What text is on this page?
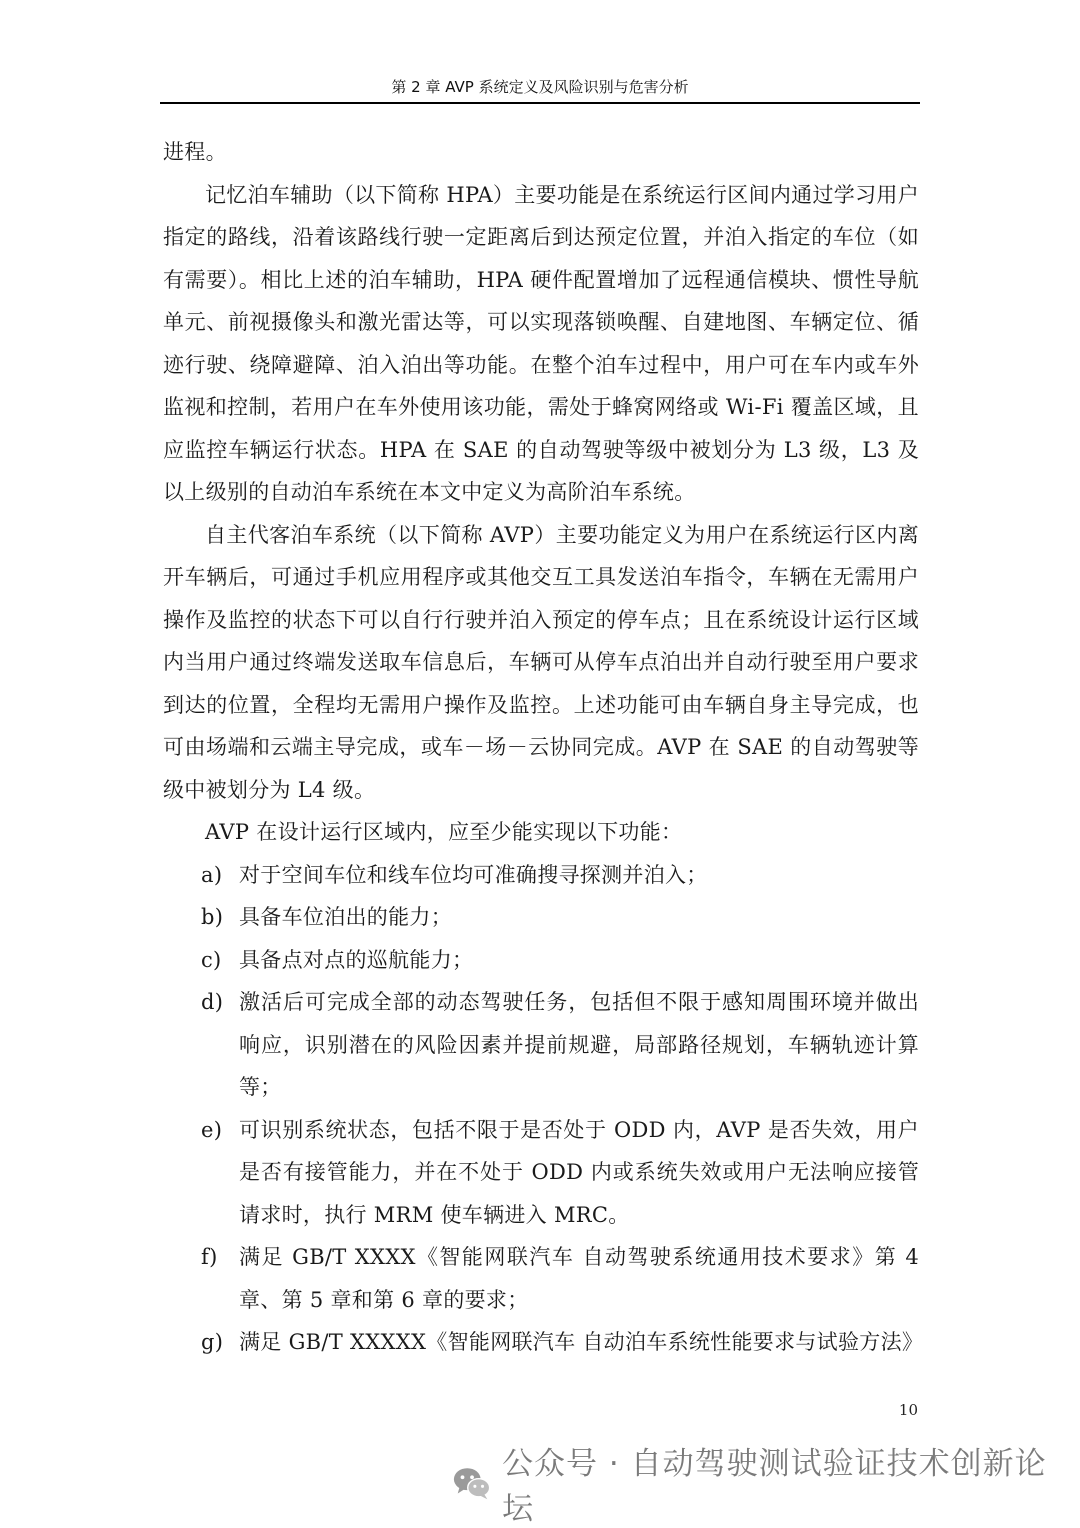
第 2 章 AVP 系统定义及风险识别与危害分析

进程。

记忆泊车辅助（以下简称 HPA）主要功能是在系统运行区间内通过学习用户指定的路线，沿着该路线行驶一定距离后到达预定位置，并泊入指定的车位（如有需要）。相比上述的泊车辅助，HPA 硬件配置增加了远程通信模块、惯性导航单元、前视摄像头和激光雷达等，可以实现落锁唤醒、自建地图、车辆定位、循迹行驶、绕障避障、泊入泊出等功能。在整个泊车过程中，用户可在车内或车外监视和控制，若用户在车外使用该功能，需处于蜂窝网络或 Wi-Fi 覆盖区域，且应监控车辆运行状态。HPA 在 SAE 的自动驾驶等级中被划分为 L3 级，L3 及以上级别的自动泊车系统在本文中定义为高阶泊车系统。

自主代客泊车系统（以下简称 AVP）主要功能定义为用户在系统运行区内离开车辆后，可通过手机应用程序或其他交互工具发送泊车指令，车辆在无需用户操作及监控的状态下可以自行行驶并泊入预定的停车点；且在系统设计运行区域内当用户通过终端发送取车信息后，车辆可从停车点泊出并自动行驶至用户要求到达的位置，全程均无需用户操作及监控。上述功能可由车辆自身主导完成，也可由场端和云端主导完成，或车－场－云协同完成。AVP 在 SAE 的自动驾驶等级中被划分为 L4 级。

AVP 在设计运行区域内，应至少能实现以下功能：

a) 对于空间车位和线车位均可准确搜寻探测并泊入；
b) 具备车位泊出的能力；
c) 具备点对点的巡航能力；
d) 激活后可完成全部的动态驾驶任务，包括但不限于感知周围环境并做出响应，识别潜在的风险因素并提前规避，局部路径规划，车辆轨迹计算等；
e) 可识别系统状态，包括不限于是否处于 ODD 内，AVP 是否失效，用户是否有接管能力，并在不处于 ODD 内或系统失效或用户无法响应接管请求时，执行 MRM 使车辆进入 MRC。
f) 满足 GB/T XXXX《智能网联汽车 自动驾驶系统通用技术要求》第 4 章、第 5 章和第 6 章的要求；
g) 满足 GB/T XXXXX《智能网联汽车 自动泊车系统性能要求与试验方法》
10
公众号 · 自动驾驶测试验证技术创新论坛
